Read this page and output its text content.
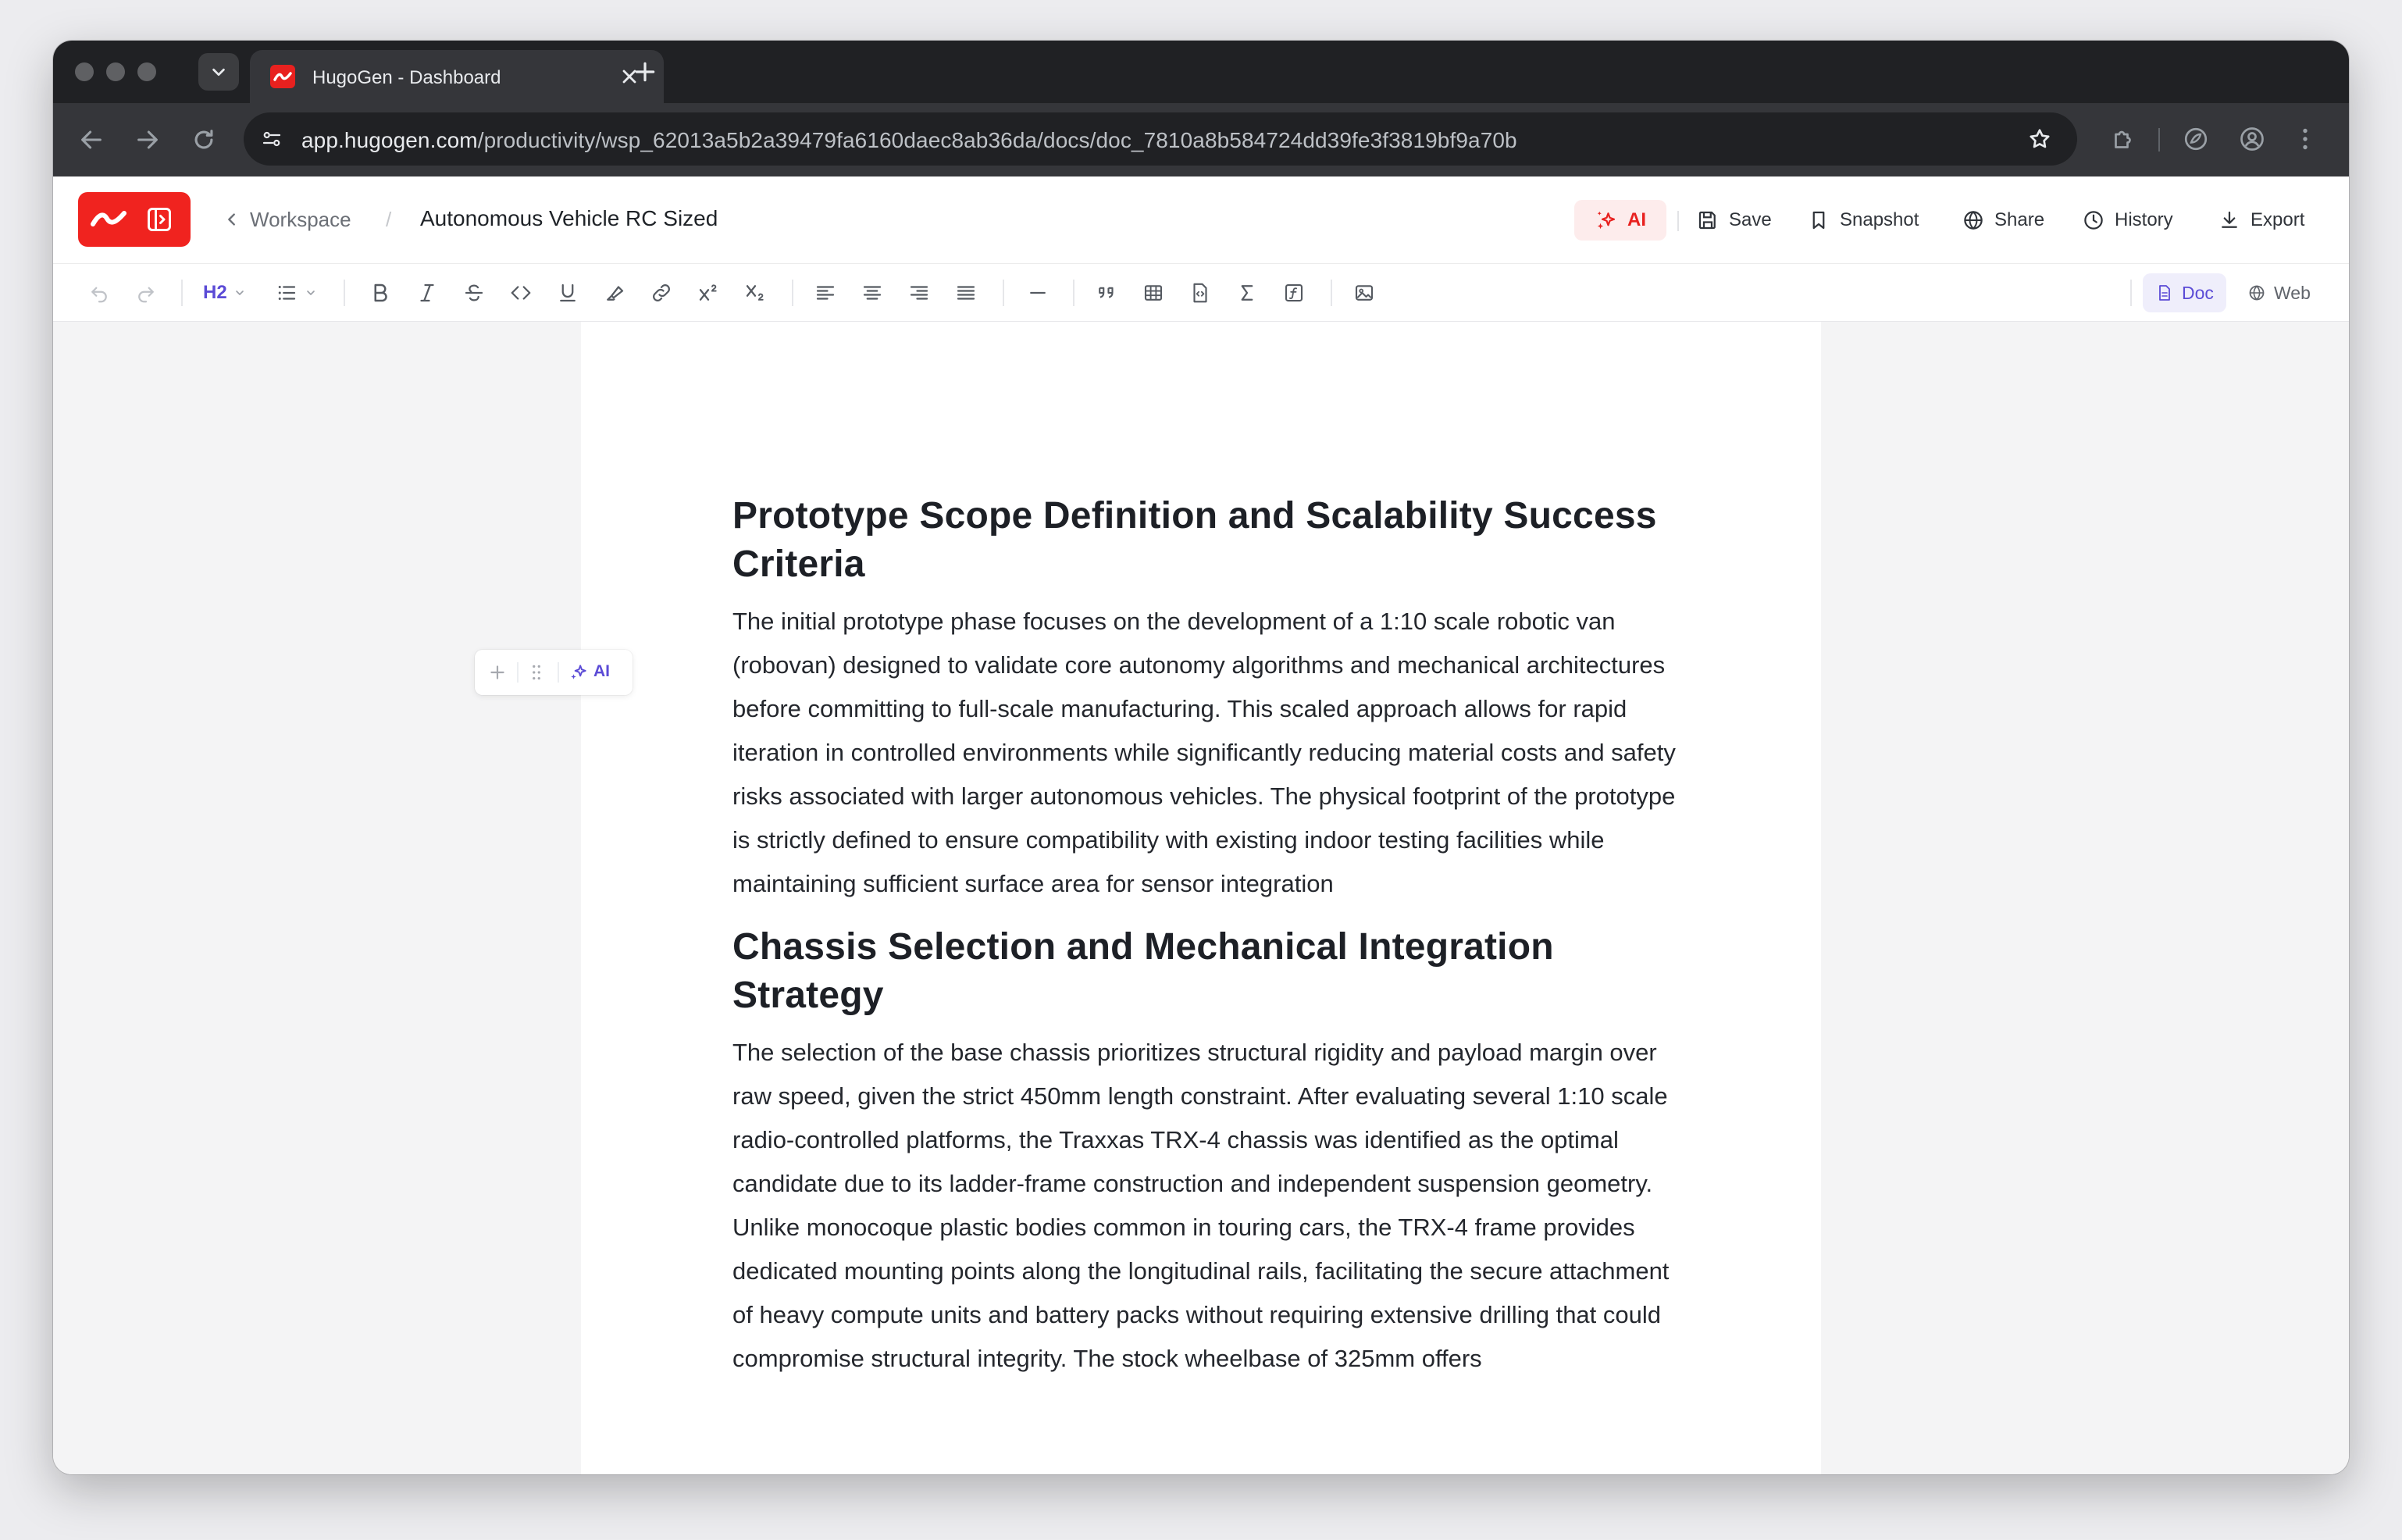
HugoGen - Dashboard
app.hugogen.com/productivity/wsp_62013a5b2a39479fa6160daec8ab36da/docs/doc_7810a8b584724dd39fe3f3819bf9a70b
Workspace / Autonomous Vehicle RC Sized	AI	Save	Snapshot	Share	History	Export
H2	Doc	Web
Prototype Scope Definition and Scalability Success Criteria

The initial prototype phase focuses on the development of a 1:10 scale robotic van (robovan) designed to validate core autonomy algorithms and mechanical architectures before committing to full-scale manufacturing. This scaled approach allows for rapid iteration in controlled environments while significantly reducing material costs and safety risks associated with larger autonomous vehicles. The physical footprint of the prototype is strictly defined to ensure compatibility with existing indoor testing facilities while maintaining sufficient surface area for sensor integration

Chassis Selection and Mechanical Integration Strategy

The selection of the base chassis prioritizes structural rigidity and payload margin over raw speed, given the strict 450mm length constraint. After evaluating several 1:10 scale radio-controlled platforms, the Traxxas TRX-4 chassis was identified as the optimal candidate due to its ladder-frame construction and independent suspension geometry. Unlike monocoque plastic bodies common in touring cars, the TRX-4 frame provides dedicated mounting points along the longitudinal rails, facilitating the secure attachment of heavy compute units and battery packs without requiring extensive drilling that could compromise structural integrity. The stock wheelbase of 325mm offers

AI
